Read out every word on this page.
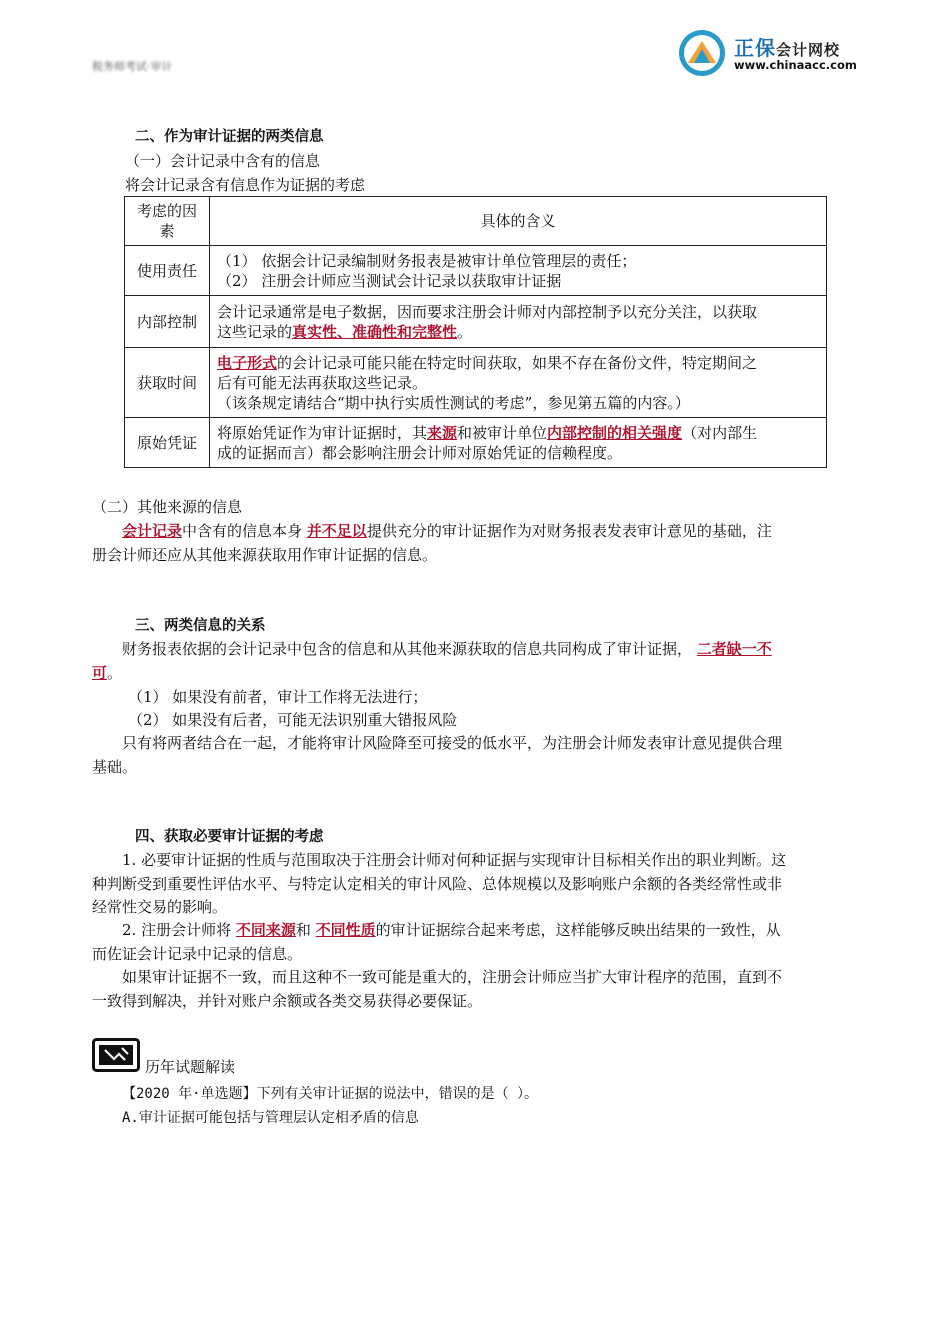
税务师考试·审计
正保会计网校
www.chinaacc.com
二、作为审计证据的两类信息
（一）会计记录中含有的信息
将会计记录含有信息作为证据的考虑
考虑的因
素	具体的含义
使用责任	（1） 依据会计记录编制财务报表是被审计单位管理层的责任；
（2） 注册会计师应当测试会计记录以获取审计证据
内部控制	会计记录通常是电子数据，因而要求注册会计师对内部控制予以充分关注，以获取
这些记录的真实性、准确性和完整性。
获取时间	电子形式的会计记录可能只能在特定时间获取，如果不存在备份文件，特定期间之
后有可能无法再获取这些记录。
（该条规定请结合“期中执行实质性测试的考虑”，参见第五篇的内容。）
原始凭证	将原始凭证作为审计证据时，其来源和被审计单位内部控制的相关强度（对内部生
成的证据而言）都会影响注册会计师对原始凭证的信赖程度。
（二）其他来源的信息
会计记录中含有的信息本身 并不足以提供充分的审计证据作为对财务报表发表审计意见的基础，注
册会计师还应从其他来源获取用作审计证据的信息。
三、两类信息的关系
财务报表依据的会计记录中包含的信息和从其他来源获取的信息共同构成了审计证据， 二者缺一不
可。
（1） 如果没有前者，审计工作将无法进行；
（2） 如果没有后者，可能无法识别重大错报风险
只有将两者结合在一起，才能将审计风险降至可接受的低水平，为注册会计师发表审计意见提供合理
基础。
四、获取必要审计证据的考虑
1. 必要审计证据的性质与范围取决于注册会计师对何种证据与实现审计目标相关作出的职业判断。这
种判断受到重要性评估水平、与特定认定相关的审计风险、总体规模以及影响账户余额的各类经常性或非
经常性交易的影响。
2. 注册会计师将 不同来源和 不同性质的审计证据综合起来考虑，这样能够反映出结果的一致性，从
而佐证会计记录中记录的信息。
如果审计证据不一致，而且这种不一致可能是重大的，注册会计师应当扩大审计程序的范围，直到不
一致得到解决，并针对账户余额或各类交易获得必要保证。
历年试题解读
【2020 年·单选题】下列有关审计证据的说法中，错误的是（ ）。
A.审计证据可能包括与管理层认定相矛盾的信息
